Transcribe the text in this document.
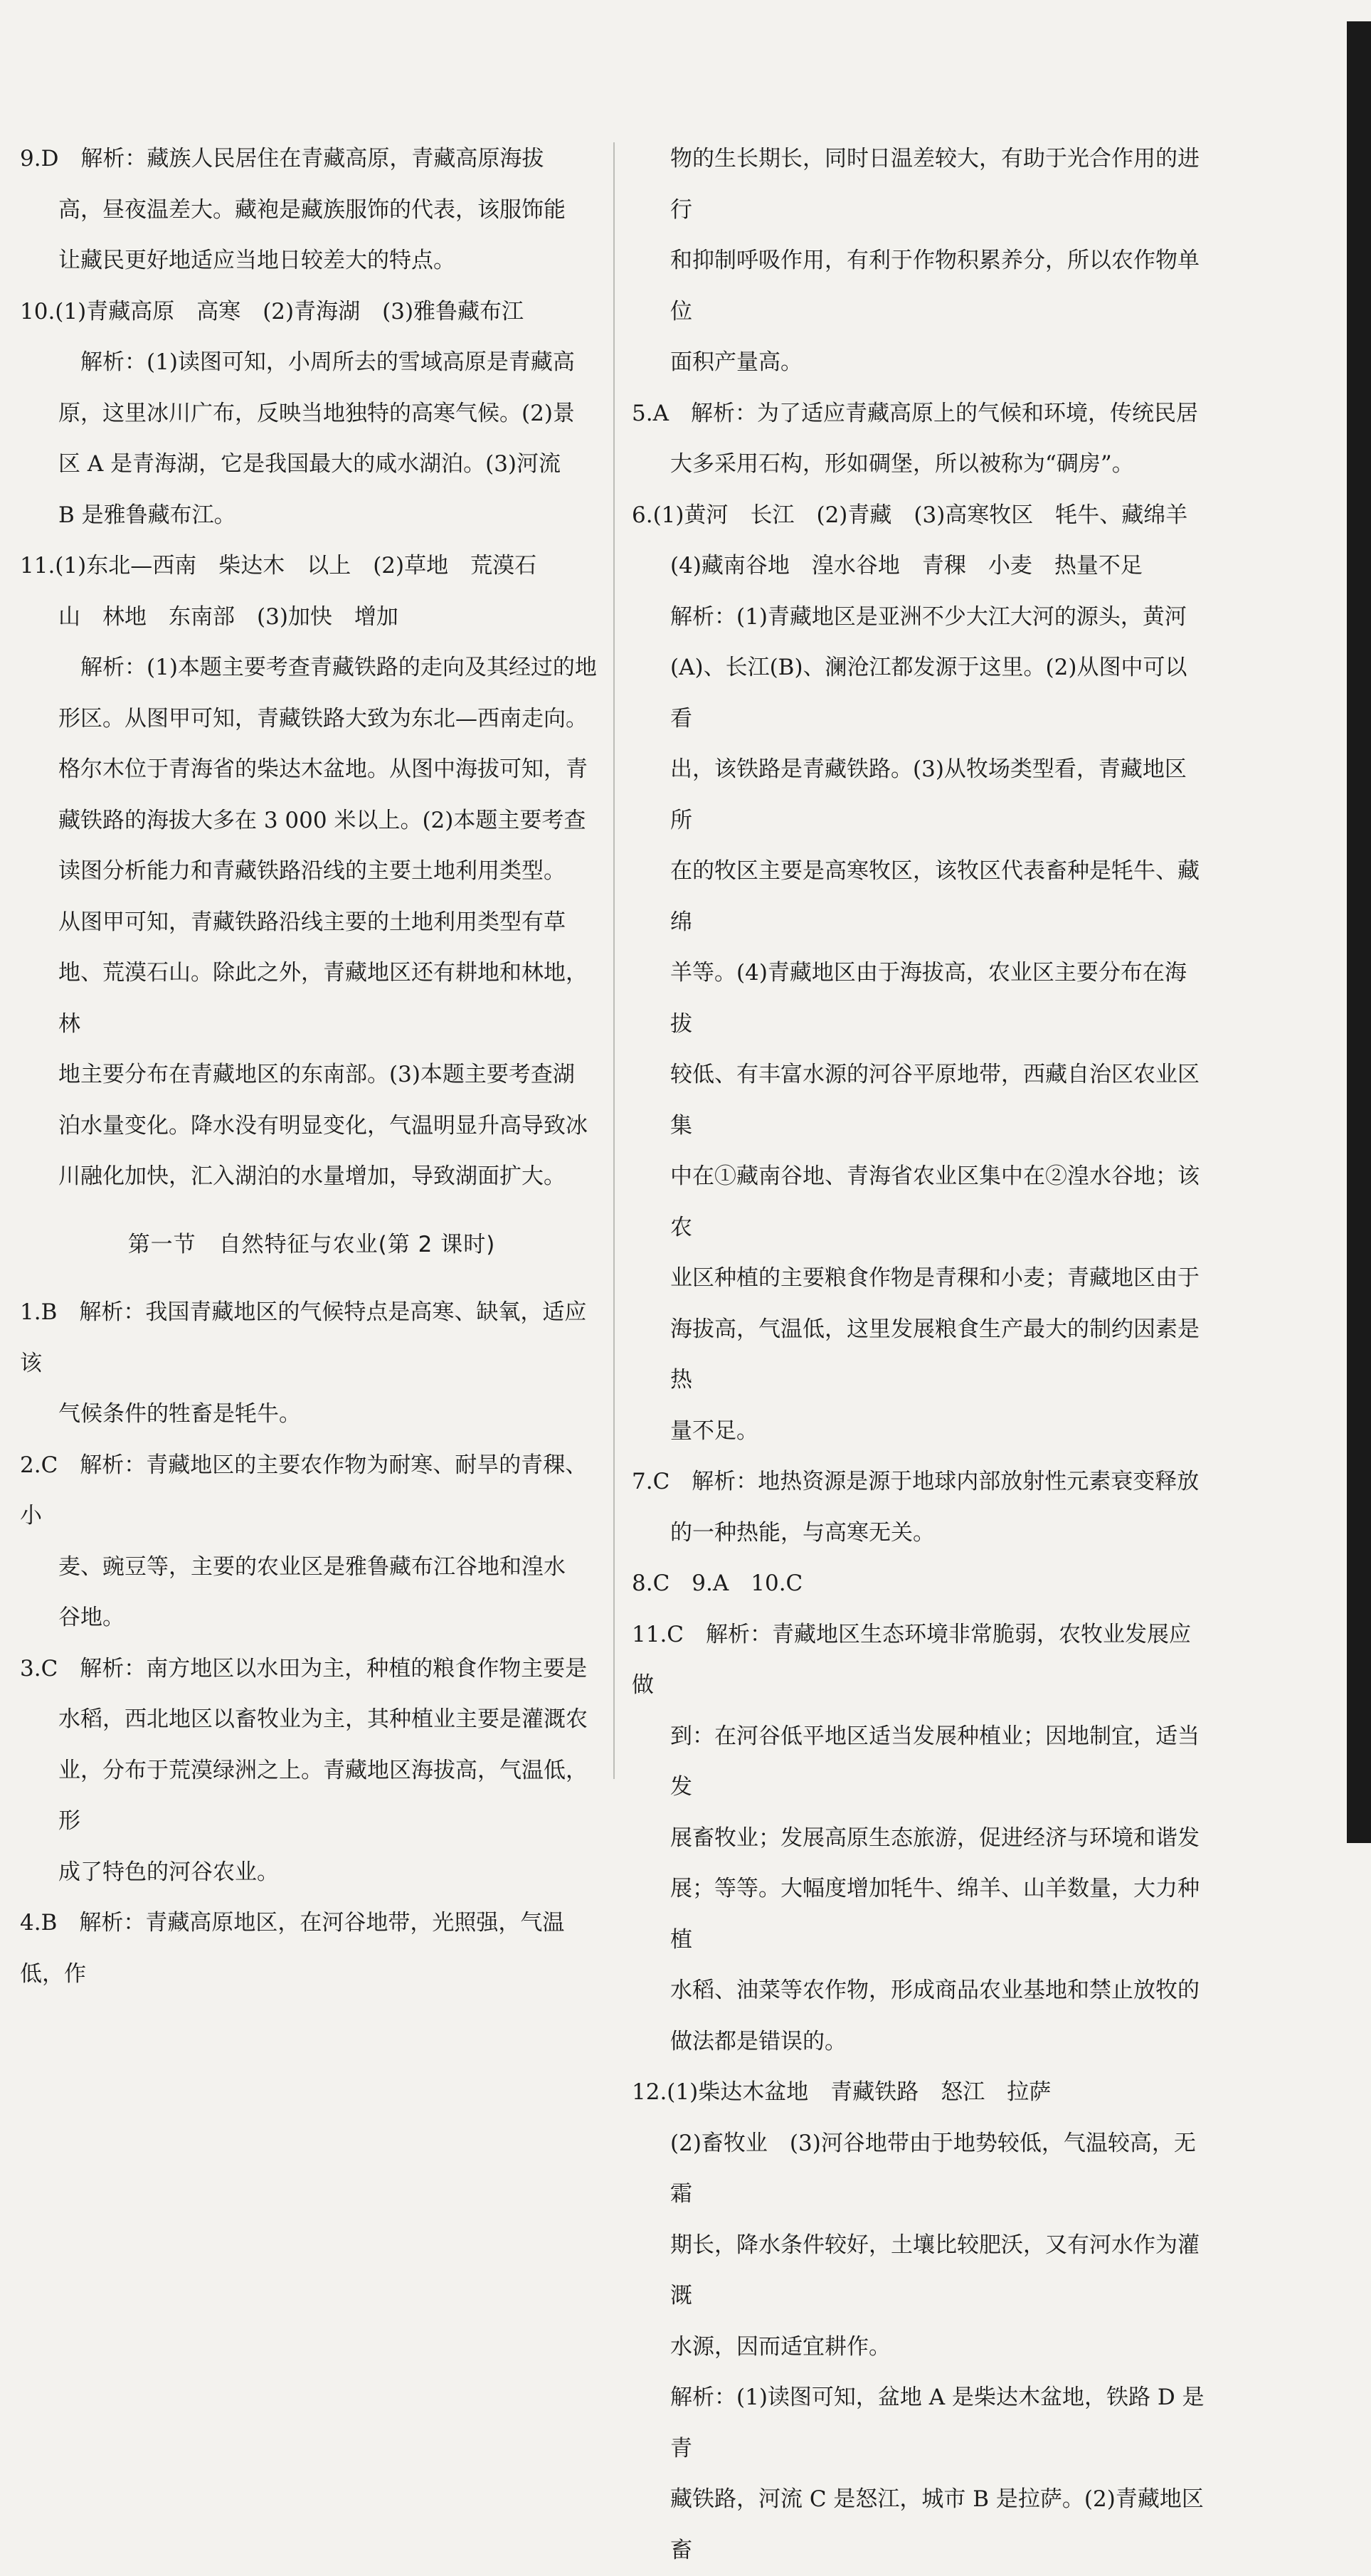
9.D　解析：藏族人民居住在青藏高原，青藏高原海拔
高，昼夜温差大。藏袍是藏族服饰的代表，该服饰能
让藏民更好地适应当地日较差大的特点。
10.(1)青藏高原　高寒　(2)青海湖　(3)雅鲁藏布江
　解析：(1)读图可知，小周所去的雪域高原是青藏高
原，这里冰川广布，反映当地独特的高寒气候。(2)景
区 A 是青海湖，它是我国最大的咸水湖泊。(3)河流
B 是雅鲁藏布江。
11.(1)东北—西南　柴达木　以上　(2)草地　荒漠石
山　林地　东南部　(3)加快　增加
　解析：(1)本题主要考查青藏铁路的走向及其经过的地
形区。从图甲可知，青藏铁路大致为东北—西南走向。
格尔木位于青海省的柴达木盆地。从图中海拔可知，青
藏铁路的海拔大多在 3 000 米以上。(2)本题主要考查
读图分析能力和青藏铁路沿线的主要土地利用类型。
从图甲可知，青藏铁路沿线主要的土地利用类型有草
地、荒漠石山。除此之外，青藏地区还有耕地和林地，林
地主要分布在青藏地区的东南部。(3)本题主要考查湖
泊水量变化。降水没有明显变化，气温明显升高导致冰
川融化加快，汇入湖泊的水量增加，导致湖面扩大。
第一节　自然特征与农业(第 2 课时)
1.B　解析：我国青藏地区的气候特点是高寒、缺氧，适应该
气候条件的牲畜是牦牛。
2.C　解析：青藏地区的主要农作物为耐寒、耐旱的青稞、小
麦、豌豆等，主要的农业区是雅鲁藏布江谷地和湟水
谷地。
3.C　解析：南方地区以水田为主，种植的粮食作物主要是
水稻，西北地区以畜牧业为主，其种植业主要是灌溉农
业，分布于荒漠绿洲之上。青藏地区海拔高，气温低，形
成了特色的河谷农业。
4.B　解析：青藏高原地区，在河谷地带，光照强，气温低，作
物的生长期长，同时日温差较大，有助于光合作用的进行
和抑制呼吸作用，有利于作物积累养分，所以农作物单位
面积产量高。
5.A　解析：为了适应青藏高原上的气候和环境，传统民居
大多采用石构，形如碉堡，所以被称为“碉房”。
6.(1)黄河　长江　(2)青藏　(3)高寒牧区　牦牛、藏绵羊
(4)藏南谷地　湟水谷地　青稞　小麦　热量不足
解析：(1)青藏地区是亚洲不少大江大河的源头，黄河
(A)、长江(B)、澜沧江都发源于这里。(2)从图中可以看
出，该铁路是青藏铁路。(3)从牧场类型看，青藏地区所
在的牧区主要是高寒牧区，该牧区代表畜种是牦牛、藏绵
羊等。(4)青藏地区由于海拔高，农业区主要分布在海拔
较低、有丰富水源的河谷平原地带，西藏自治区农业区集
中在①藏南谷地、青海省农业区集中在②湟水谷地；该农
业区种植的主要粮食作物是青稞和小麦；青藏地区由于
海拔高，气温低，这里发展粮食生产最大的制约因素是热
量不足。
7.C　解析：地热资源是源于地球内部放射性元素衰变释放
的一种热能，与高寒无关。
8.C　9.A　10.C
11.C　解析：青藏地区生态环境非常脆弱，农牧业发展应做
到：在河谷低平地区适当发展种植业；因地制宜，适当发
展畜牧业；发展高原生态旅游，促进经济与环境和谐发
展；等等。大幅度增加牦牛、绵羊、山羊数量，大力种植
水稻、油菜等农作物，形成商品农业基地和禁止放牧的
做法都是错误的。
12.(1)柴达木盆地　青藏铁路　怒江　拉萨
(2)畜牧业　(3)河谷地带由于地势较低，气温较高，无霜
期长，降水条件较好，土壤比较肥沃，又有河水作为灌溉
水源，因而适宜耕作。
解析：(1)读图可知，盆地 A 是柴达木盆地，铁路 D 是青
藏铁路，河流 C 是怒江，城市 B 是拉萨。(2)青藏地区畜
